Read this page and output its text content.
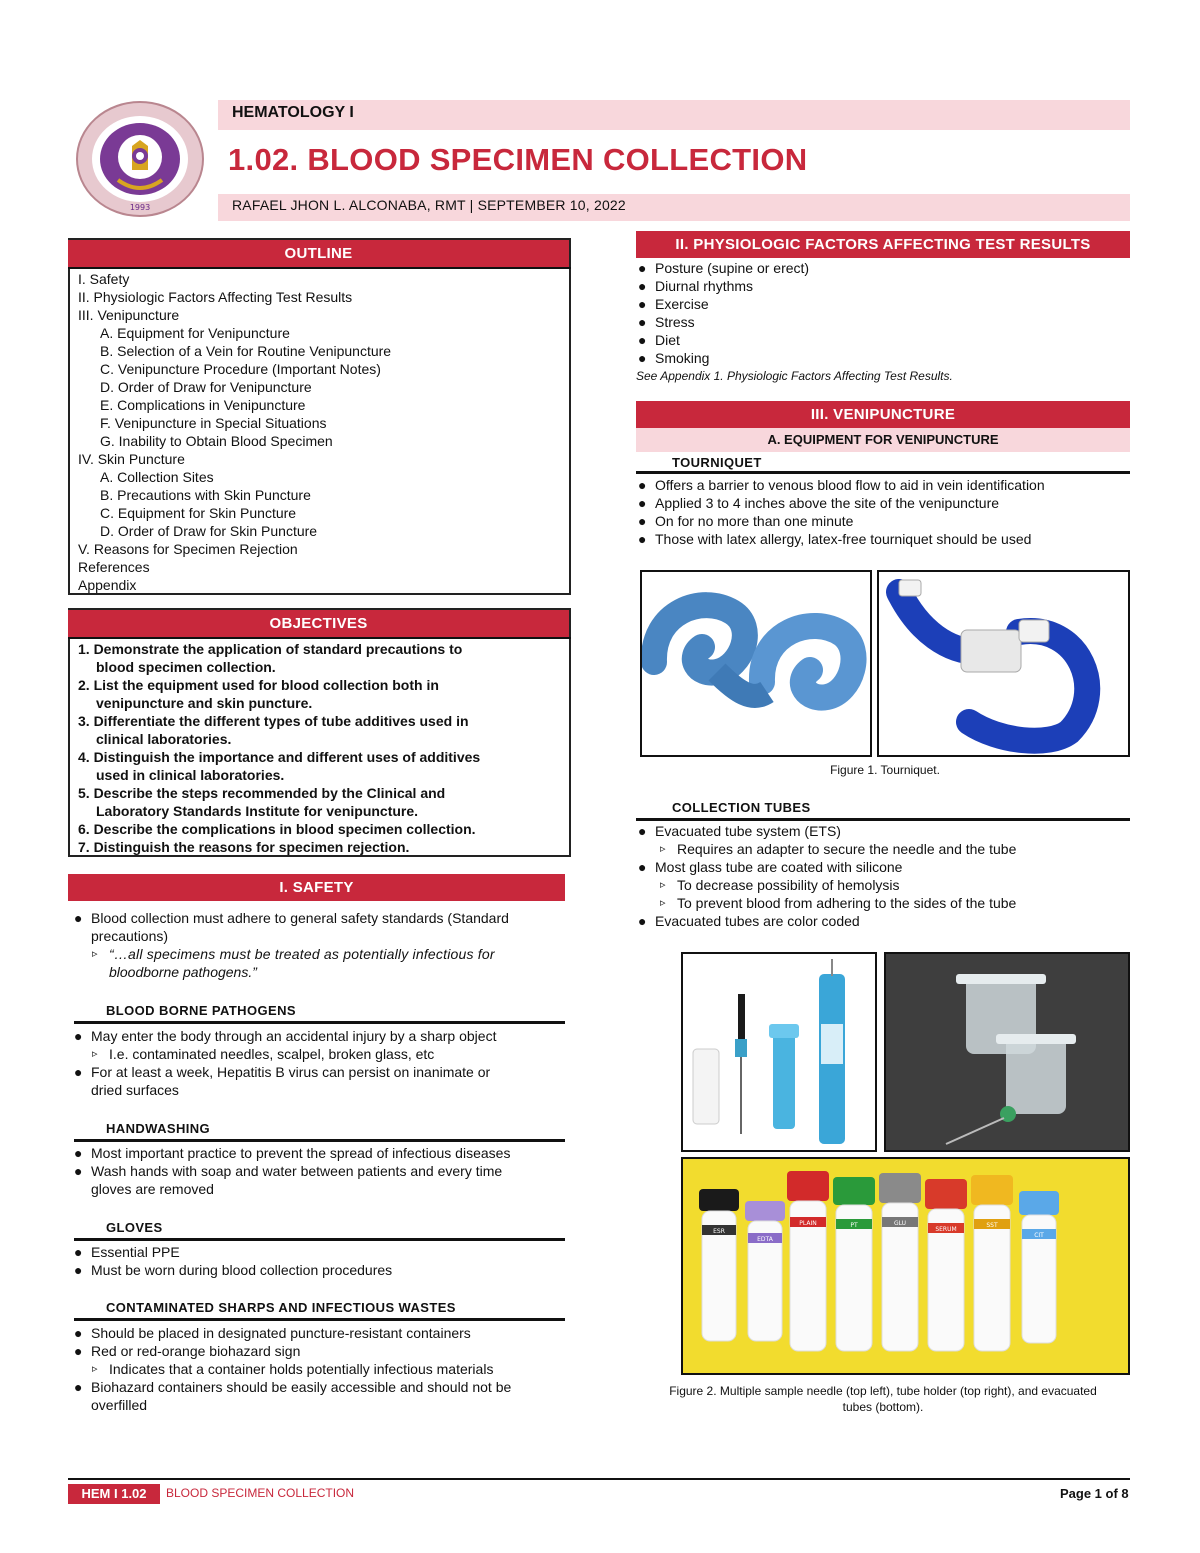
1993
HEMATOLOGY I
1.02. BLOOD SPECIMEN COLLECTION
RAFAEL JHON L. ALCONABA, RMT | SEPTEMBER 10, 2022
OUTLINE
I. Safety
II. Physiologic Factors Affecting Test Results
III. Venipuncture
A. Equipment for Venipuncture
B. Selection of a Vein for Routine Venipuncture
C. Venipuncture Procedure (Important Notes)
D. Order of Draw for Venipuncture
E. Complications in Venipuncture
F. Venipuncture in Special Situations
G. Inability to Obtain Blood Specimen
IV. Skin Puncture
A. Collection Sites
B. Precautions with Skin Puncture
C. Equipment for Skin Puncture
D. Order of Draw for Skin Puncture
V. Reasons for Specimen Rejection
References
Appendix
OBJECTIVES
1. Demonstrate the application of standard precautions to
blood specimen collection.
2. List the equipment used for blood collection both in
venipuncture and skin puncture.
3. Differentiate the different types of tube additives used in
clinical laboratories.
4. Distinguish the importance and different uses of additives
used in clinical laboratories.
5. Describe the steps recommended by the Clinical and
Laboratory Standards Institute for venipuncture.
6. Describe the complications in blood specimen collection.
7. Distinguish the reasons for specimen rejection.
I. SAFETY
● Blood collection must adhere to general safety standards (Standard
precautions)
▹ “…all specimens must be treated as potentially infectious for
bloodborne pathogens.”
BLOOD BORNE PATHOGENS
● May enter the body through an accidental injury by a sharp object
▹ I.e. contaminated needles, scalpel, broken glass, etc
● For at least a week, Hepatitis B virus can persist on inanimate or
dried surfaces
HANDWASHING
● Most important practice to prevent the spread of infectious diseases
● Wash hands with soap and water between patients and every time
gloves are removed
GLOVES
● Essential PPE
● Must be worn during blood collection procedures
CONTAMINATED SHARPS AND INFECTIOUS WASTES
● Should be placed in designated puncture-resistant containers
● Red or red-orange biohazard sign
▹ Indicates that a container holds potentially infectious materials
● Biohazard containers should be easily accessible and should not be
overfilled
II. PHYSIOLOGIC FACTORS AFFECTING TEST RESULTS
● Posture (supine or erect)
● Diurnal rhythms
● Exercise
● Stress
● Diet
● Smoking
See Appendix 1. Physiologic Factors Affecting Test Results.
III. VENIPUNCTURE
A. EQUIPMENT FOR VENIPUNCTURE
TOURNIQUET
● Offers a barrier to venous blood flow to aid in vein identification
● Applied 3 to 4 inches above the site of the venipuncture
● On for no more than one minute
● Those with latex allergy, latex-free tourniquet should be used
Figure 1. Tourniquet.
COLLECTION TUBES
● Evacuated tube system (ETS)
▹ Requires an adapter to secure the needle and the tube
● Most glass tube are coated with silicone
▹ To decrease possibility of hemolysis
▹ To prevent blood from adhering to the sides of the tube
● Evacuated tubes are color coded
ESR
EDTA
PLAIN	PT	GLU
SERUM
SST
CIT
Figure 2. Multiple sample needle (top left), tube holder (top right), and evacuated
tubes (bottom).
HEM I 1.02	BLOOD SPECIMEN COLLECTION	Page 1 of 8
